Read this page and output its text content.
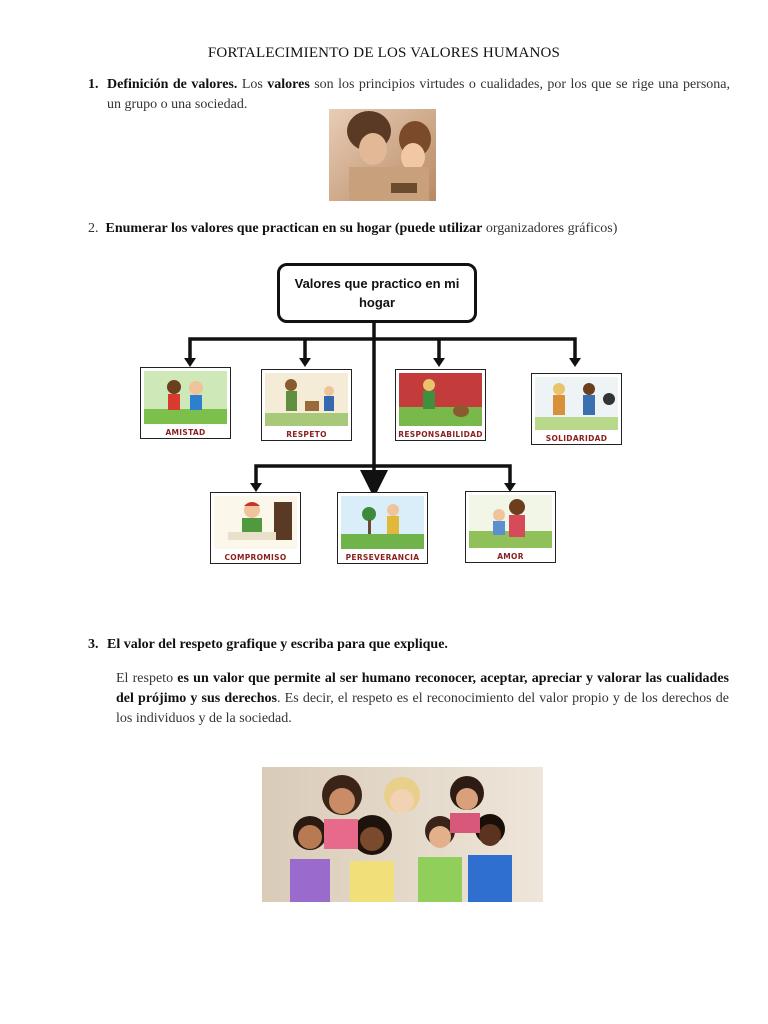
FORTALECIMIENTO DE LOS VALORES HUMANOS
1. Definición de valores. Los valores son los principios virtudes o cualidades, por los que se rige una persona, un grupo o una sociedad.
2. Enumerar los valores que practican en su hogar (puede utilizar organizadores gráficos)
Valores que practico en mi hogar
AMISTAD	RESPETO	RESPONSABILIDAD	SOLIDARIDAD
COMPROMISO	PERSEVERANCIA	AMOR
3. El valor del respeto grafique y escriba para que explique.
El respeto es un valor que permite al ser humano reconocer, aceptar, apreciar y valorar las cualidades del prójimo y sus derechos. Es decir, el respeto es el reconocimiento del valor propio y de los derechos de los individuos y de la sociedad.
